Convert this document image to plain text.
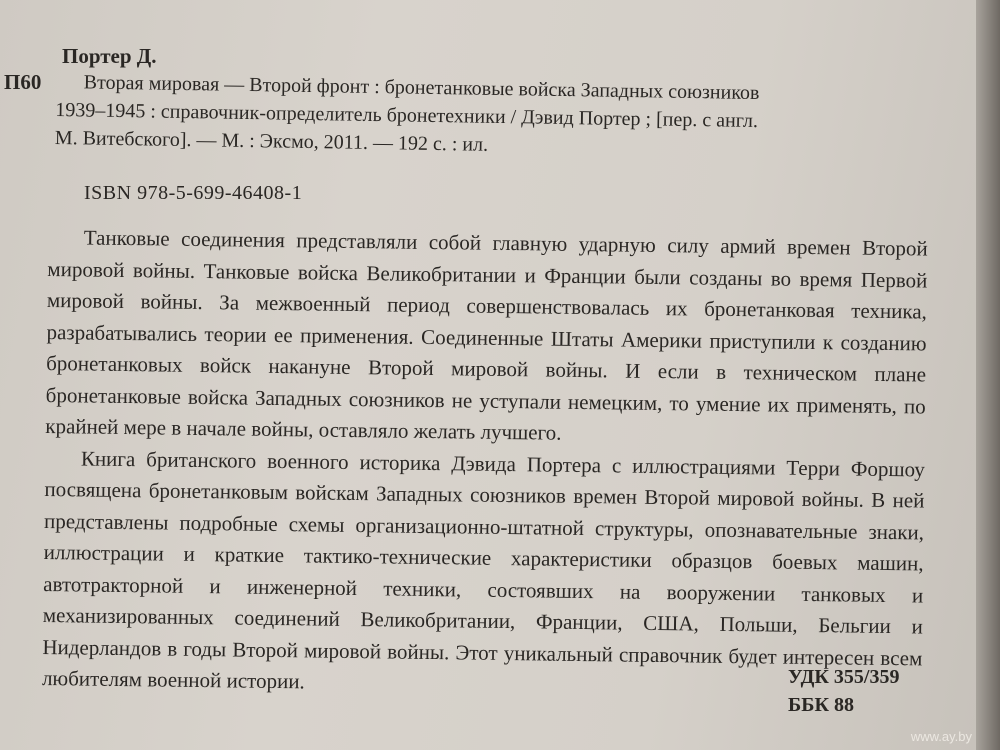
П60
Портер Д.
Вторая мировая — Второй фронт : бронетанковые войска Западных союзников
1939–1945 : справочник-определитель бронетехники / Дэвид Портер ; [пер. с англ.
М. Витебского]. — М. : Эксмо, 2011. — 192 с. : ил.
ISBN 978-5-699-46408-1

Танковые соединения представляли собой главную ударную силу армий времен Второй мировой войны. Танковые войска Великобритании и Франции были созданы во время Первой мировой войны. За межвоенный период совершенствовалась их бронетанковая техника, разрабатывались теории ее применения. Соединенные Штаты Америки приступили к созданию бронетанковых войск накануне Второй мировой войны. И если в техническом плане бронетанковые войска Западных союзников не уступали немецким, то умение их применять, по крайней мере в начале войны, оставляло желать лучшего.

Книга британского военного историка Дэвида Портера с иллюстрациями Терри Форшоу посвящена бронетанковым войскам Западных союзников времен Второй мировой войны. В ней представлены подробные схемы организационно-штатной структуры, опознавательные знаки, иллюстрации и краткие тактико-технические характеристики образцов боевых машин, автотракторной и инженерной техники, состоявших на вооружении танковых и механизированных соединений Великобритании, Франции, США, Польши, Бельгии и Нидерландов в годы Второй мировой войны. Этот уникальный справочник будет интересен всем любителям военной истории.	УДК 355/359
ББК 88
www.ay.by
